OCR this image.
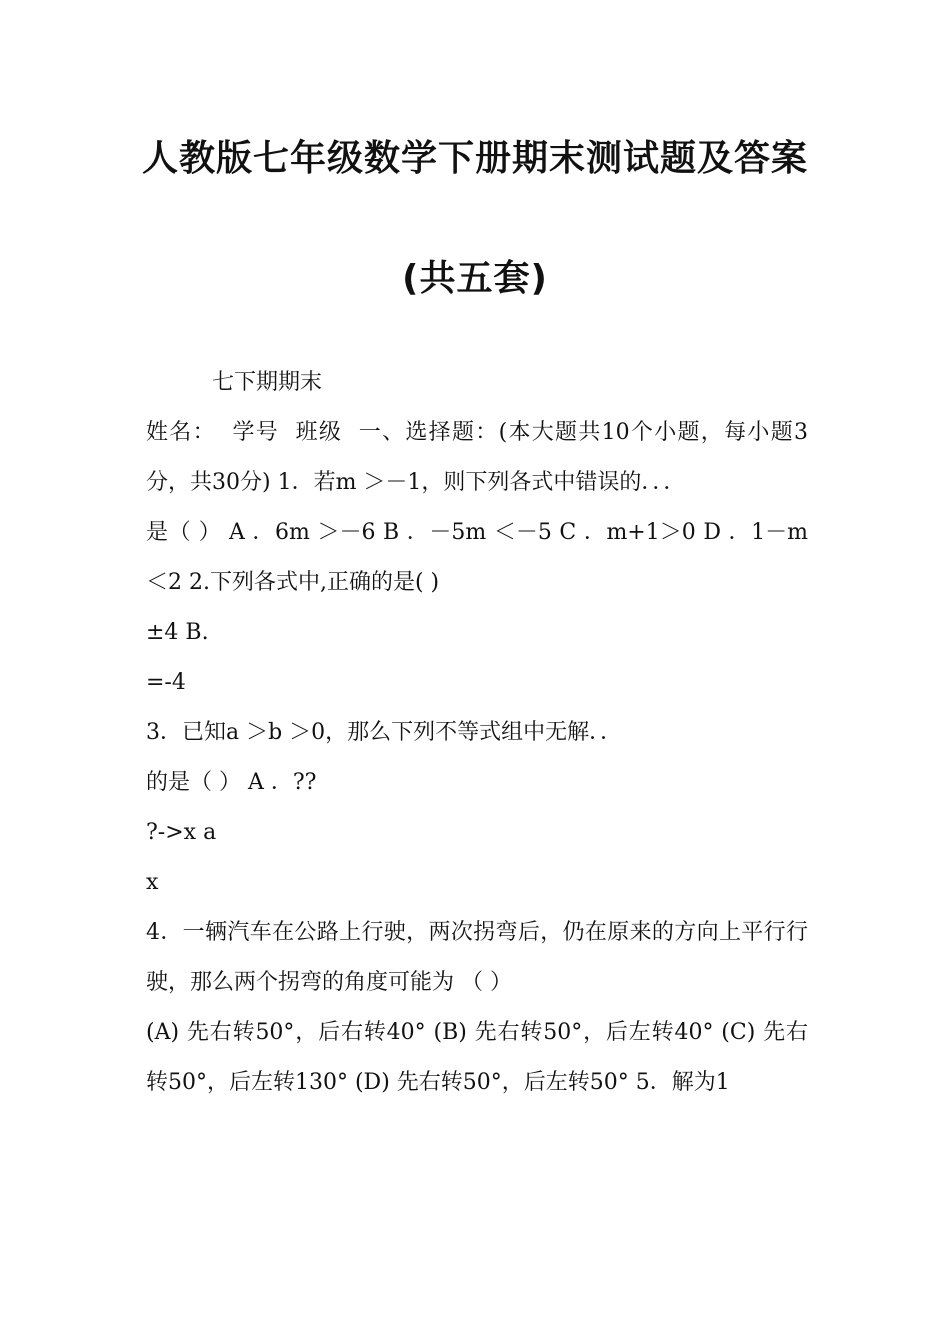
人教版七年级数学下册期末测试题及答案
(共五套)

七下期期末

姓名：  学号  班级  一、选择题：(本大题共10个小题，每小题3分，共30分) 1．若m ＞－1，则下列各式中错误的．．．

是（ ） A ．6m ＞－6 B ．－5m ＜－5 C ．m+1＞0 D ．1－m ＜2 2.下列各式中,正确的是( )

±4 B.

=-4

3．已知a ＞b ＞0，那么下列不等式组中无解．．

的是（ ） A ．??

?->x a

x

4．一辆汽车在公路上行驶，两次拐弯后，仍在原来的方向上平行行驶，那么两个拐弯的角度可能为 （ ）

(A) 先右转50°，后右转40° (B) 先右转50°，后左转40° (C) 先右转50°，后左转130° (D) 先右转50°，后左转50° 5．解为1
